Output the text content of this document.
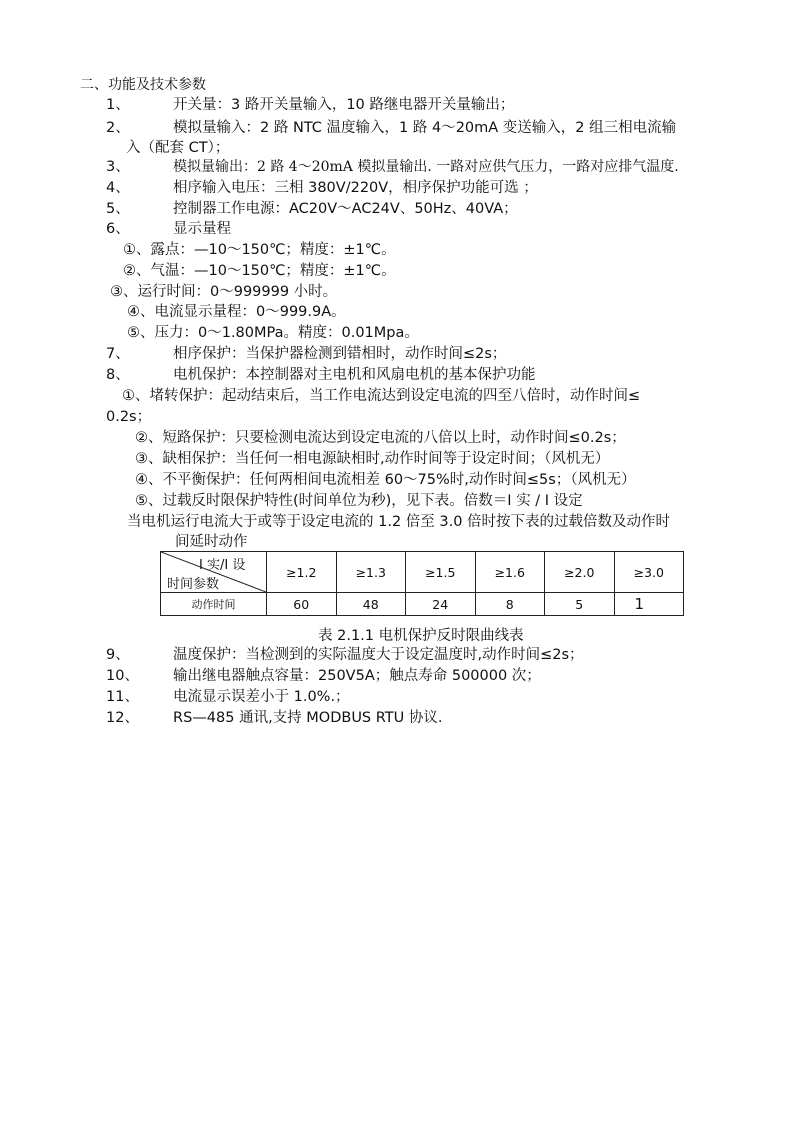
二、功能及技术参数
1、	开关量：3 路开关量输入，10 路继电器开关量输出；
2、	模拟量输入：2 路 NTC 温度输入，1 路 4～20mA 变送输入，2 组三相电流输
入（配套 CT）；
3、	模拟量输出：2 路 4～20mA 模拟量输出. 一路对应供气压力，一路对应排气温度.
4、	相序输入电压：三相 380V/220V，相序保护功能可选 ；
5、	控制器工作电源：AC20V～AC24V、50Hz、40VA；
6、	显示量程
①、露点：—10～150℃；精度：±1℃。
②、气温：—10～150℃；精度：±1℃。
③、运行时间：0～999999 小时。
④、电流显示量程：0～999.9A。
⑤、压力：0～1.80MPa。精度：0.01Mpa。
7、	相序保护：当保护器检测到错相时，动作时间≤2s；
8、	电机保护：本控制器对主电机和风扇电机的基本保护功能
①、堵转保护：起动结束后，当工作电流达到设定电流的四至八倍时，动作时间≤
0.2s；
②、短路保护：只要检测电流达到设定电流的八倍以上时，动作时间≤0.2s；
③、缺相保护：当任何一相电源缺相时,动作时间等于设定时间；（风机无）
④、不平衡保护：任何两相间电流相差 60～75%时,动作时间≤5s；（风机无）
⑤、过载反时限保护特性(时间单位为秒)，见下表。倍数＝I 实 / I 设定
当电机运行电流大于或等于设定电流的 1.2 倍至 3.0 倍时按下表的过载倍数及动作时
间延时动作
I 实/I 设
时间参数	≥1.2	≥1.3	≥1.5	≥1.6	≥2.0	≥3.0
动作时间	60	48	24	8	5	1
表 2.1.1 电机保护反时限曲线表
9、	温度保护：当检测到的实际温度大于设定温度时,动作时间≤2s；
10、 输出继电器触点容量：250V5A；触点寿命 500000 次；
11、 电流显示误差小于 1.0%.；
12、 RS—485 通讯,支持 MODBUS RTU 协议.
